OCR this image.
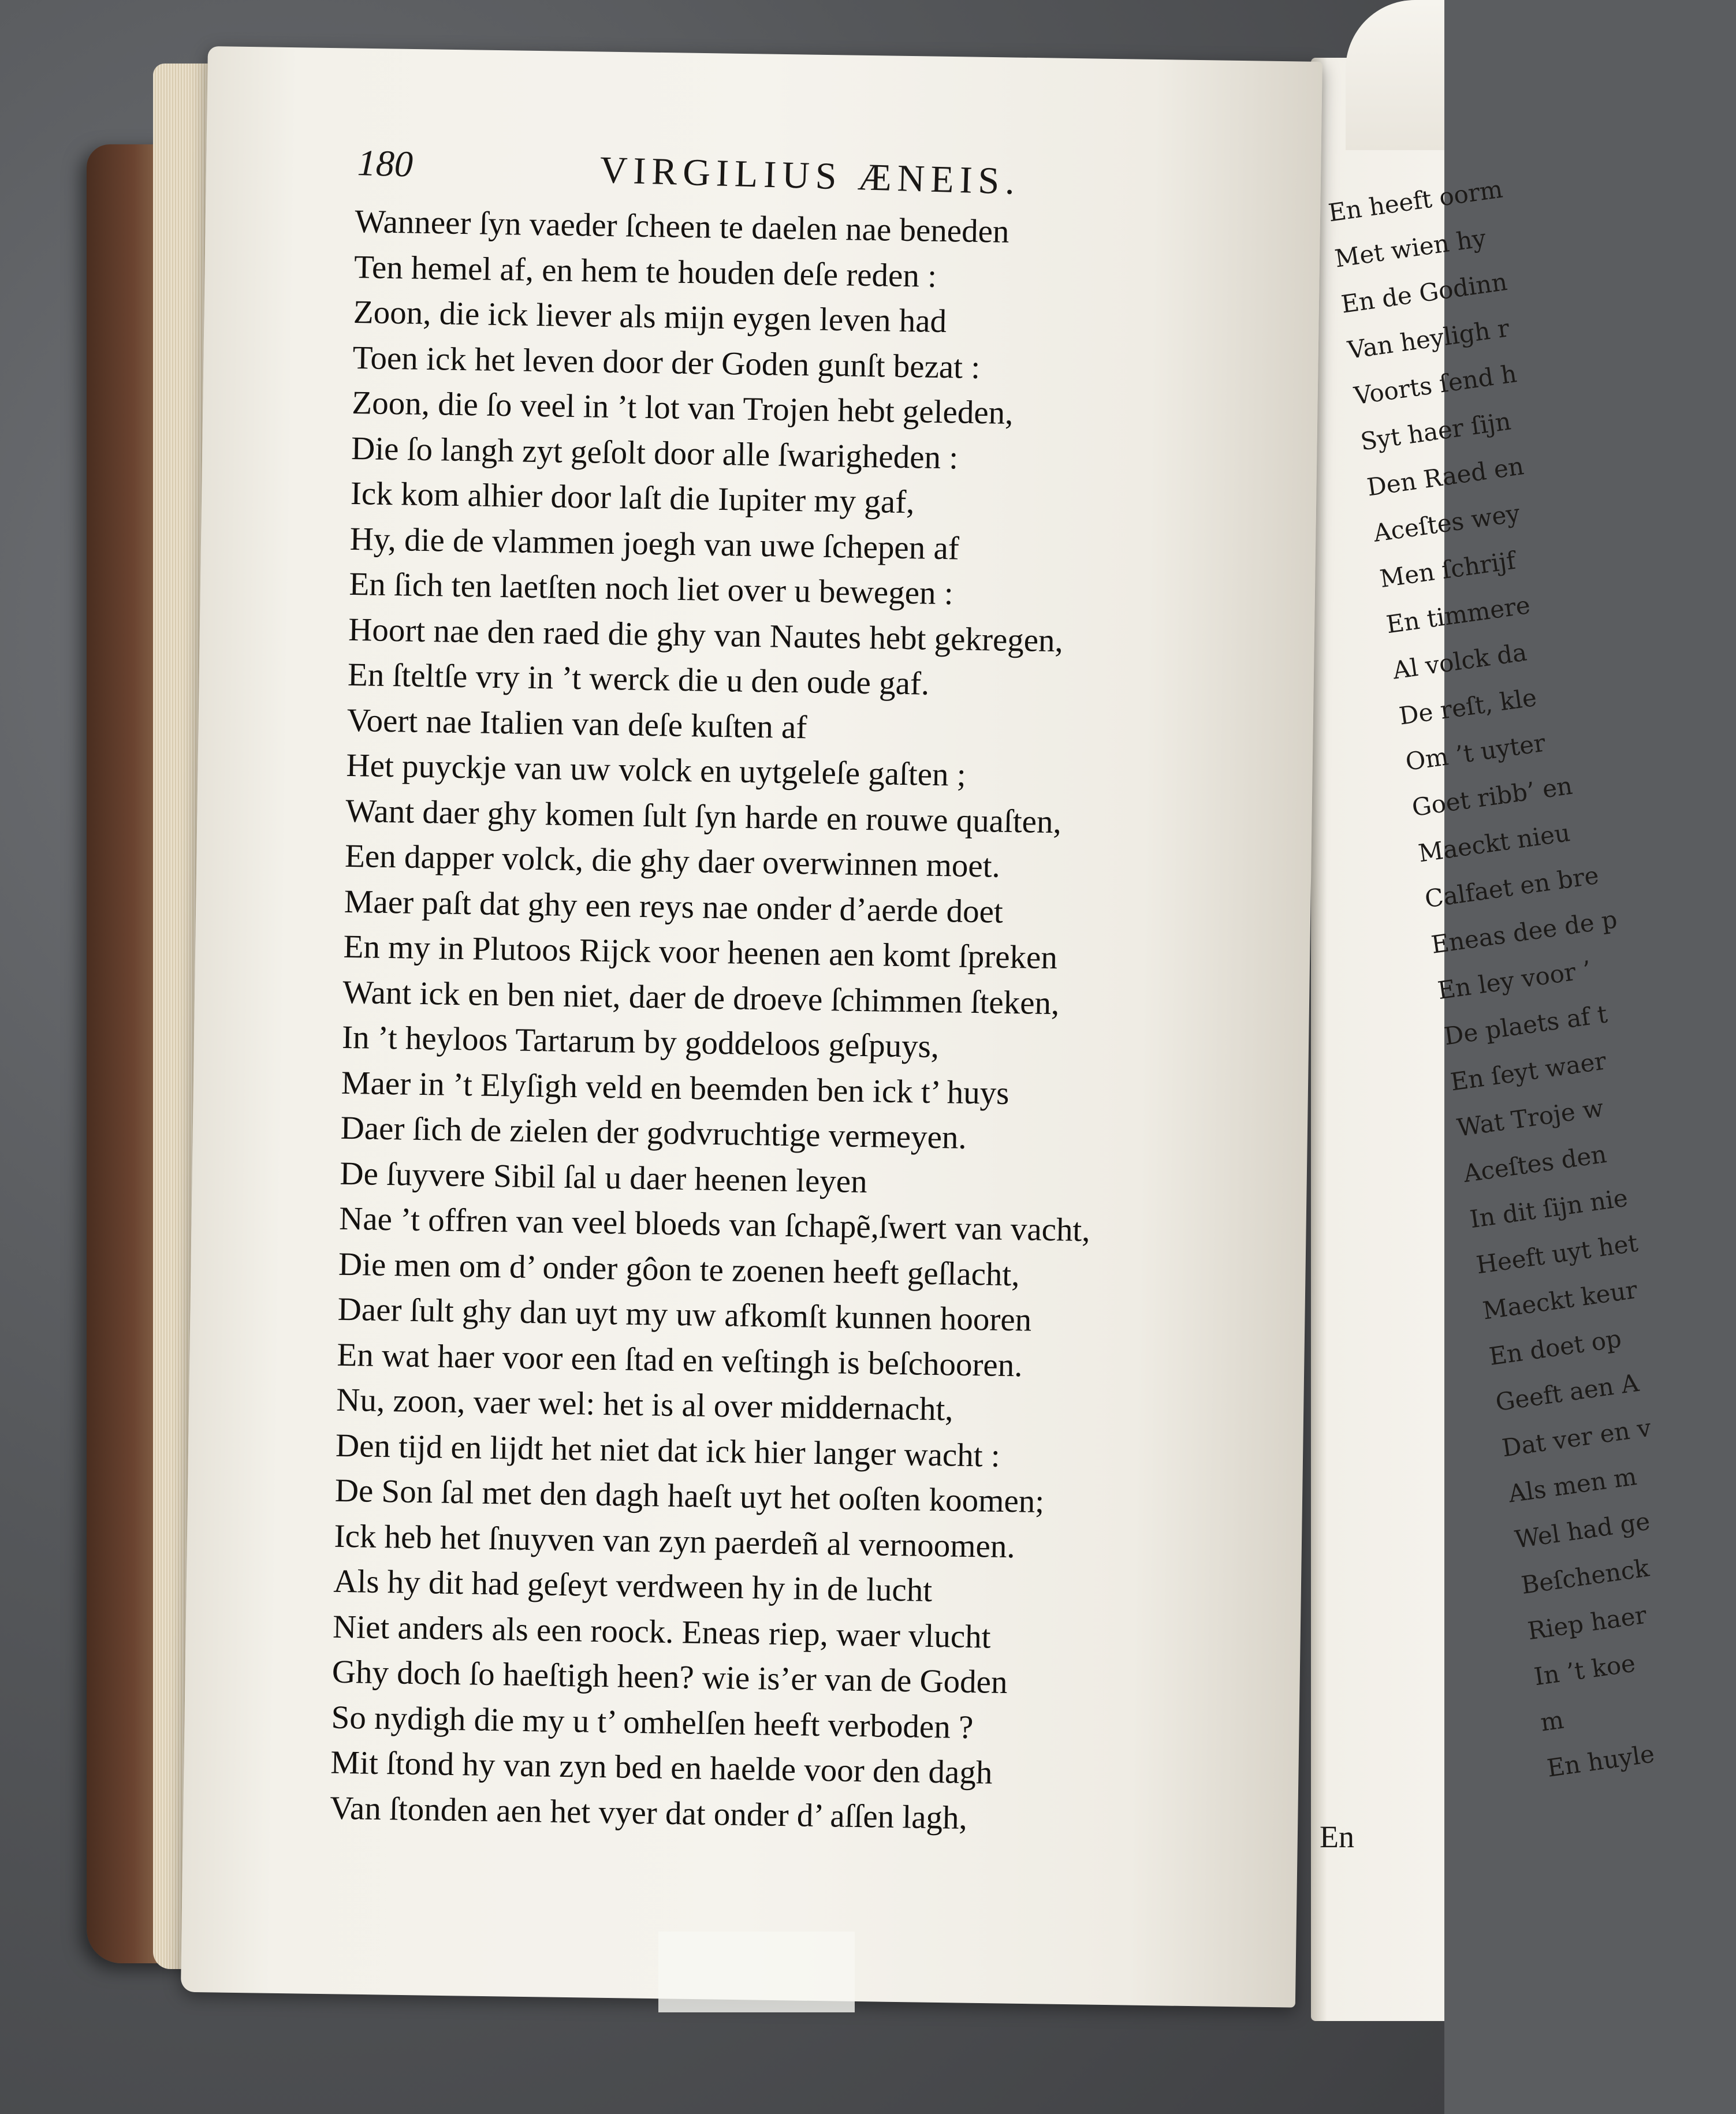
En heeft oorm
Met wien hy
En de Godinn
Van heyligh r
Voorts ſend h
Syt haer ſijn
Den Raed en
Aceſtes wey
Men ſchrijf
En timmere
Al volck da
De reſt, kle
Om ’t uyter
Goet ribb’ en
Maeckt nieu
Calfaet en bre
Eneas dee de p
En ley voor ’
De plaets af t
En ſeyt waer
Wat Troje w
Aceſtes den
In dit ſijn nie
Heeft uyt het
Maeckt keur
En doet op
Geeft aen A
Dat ver en v
Als men m
Wel had ge
Beſchenck
Riep haer
In ’t koe
m
En huyle
180	VIRGILIUS ÆNEIS.
Wanneer ſyn vaeder ſcheen te daelen nae beneden
Ten hemel af, en hem te houden deſe reden :
Zoon, die ick liever als mijn eygen leven had
Toen ick het leven door der Goden gunſt bezat :
Zoon, die ſo veel in ’t lot van Trojen hebt geleden,
Die ſo langh zyt geſolt door alle ſwarigheden :
Ick kom alhier door laſt die Iupiter my gaf,
Hy, die de vlammen joegh van uwe ſchepen af
En ſich ten laetſten noch liet over u bewegen :
Hoort nae den raed die ghy van Nautes hebt gekregen,
En ſteltſe vry in ’t werck die u den oude gaf.
Voert nae Italien van deſe kuſten af
Het puyckje van uw volck en uytgeleſe gaſten ;
Want daer ghy komen ſult ſyn harde en rouwe quaſten,
Een dapper volck, die ghy daer overwinnen moet.
Maer paſt dat ghy een reys nae onder d’aerde doet
En my in Plutoos Rijck voor heenen aen komt ſpreken
Want ick en ben niet, daer de droeve ſchimmen ſteken,
In ’t heyloos Tartarum by goddeloos geſpuys,
Maer in ’t Elyſigh veld en beemden ben ick t’ huys
Daer ſich de zielen der godvruchtige vermeyen.
De ſuyvere Sibil ſal u daer heenen leyen
Nae ’t offren van veel bloeds van ſchapẽ,ſwert van vacht,
Die men om d’ onder gôon te zoenen heeft geſlacht,
Daer ſult ghy dan uyt my uw afkomſt kunnen hooren
En wat haer voor een ſtad en veſtingh is beſchooren.
Nu, zoon, vaer wel: het is al over middernacht,
Den tijd en lijdt het niet dat ick hier langer wacht :
De Son ſal met den dagh haeſt uyt het ooſten koomen;
Ick heb het ſnuyven van zyn paerdeñ al vernoomen.
Als hy dit had geſeyt verdween hy in de lucht
Niet anders als een roock. Eneas riep, waer vlucht
Ghy doch ſo haeſtigh heen? wie is’er van de Goden
So nydigh die my u t’ omhelſen heeft verboden ?
Mit ſtond hy van zyn bed en haelde voor den dagh
Van ſtonden aen het vyer dat onder d’ aſſen lagh,
En
